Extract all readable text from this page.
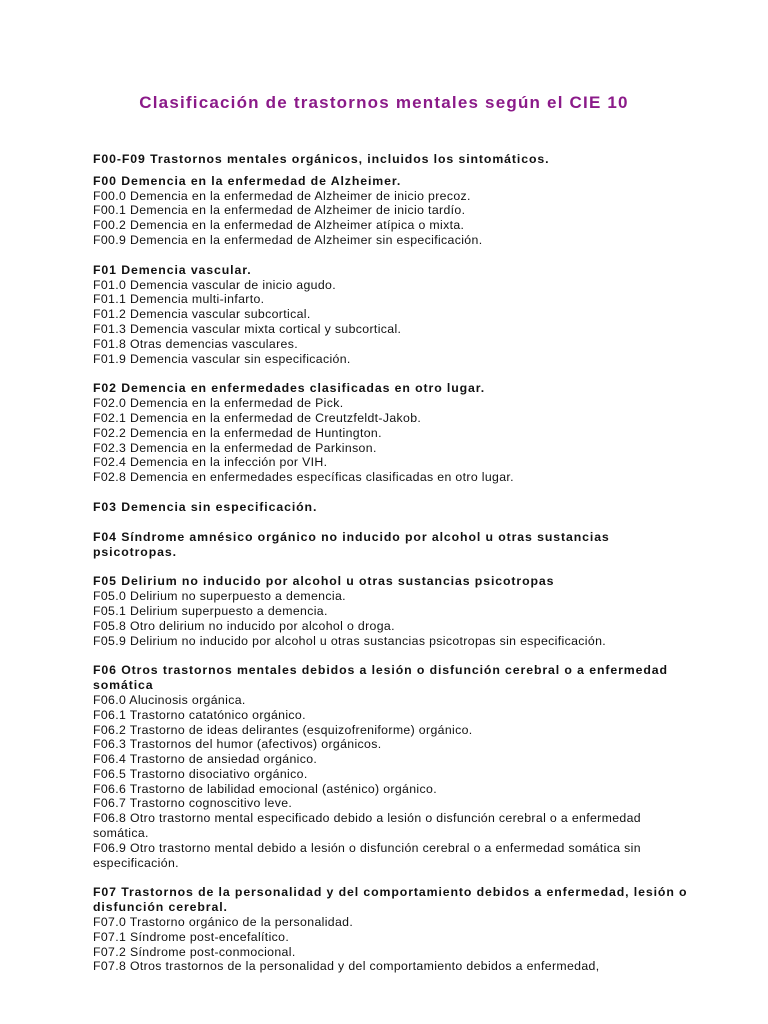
Clasificación de trastornos mentales según el CIE 10
F00-F09 Trastornos mentales orgánicos, incluidos los sintomáticos.
F00 Demencia en la enfermedad de Alzheimer.
F00.0 Demencia en la enfermedad de Alzheimer de inicio precoz.
F00.1 Demencia en la enfermedad de Alzheimer de inicio tardío.
F00.2 Demencia en la enfermedad de Alzheimer atípica o mixta.
F00.9 Demencia en la enfermedad de Alzheimer sin especificación.
F01 Demencia vascular.
F01.0 Demencia vascular de inicio agudo.
F01.1 Demencia multi-infarto.
F01.2 Demencia vascular subcortical.
F01.3 Demencia vascular mixta cortical y subcortical.
F01.8 Otras demencias vasculares.
F01.9 Demencia vascular sin especificación.
F02 Demencia en enfermedades clasificadas en otro lugar.
F02.0 Demencia en la enfermedad de Pick.
F02.1 Demencia en la enfermedad de Creutzfeldt-Jakob.
F02.2 Demencia en la enfermedad de Huntington.
F02.3 Demencia en la enfermedad de Parkinson.
F02.4 Demencia en la infección por VIH.
F02.8 Demencia en enfermedades específicas clasificadas en otro lugar.
F03 Demencia sin especificación.
F04 Síndrome amnésico orgánico no inducido por alcohol u otras sustancias psicotropas.
F05 Delirium no inducido por alcohol u otras sustancias psicotropas
F05.0 Delirium no superpuesto a demencia.
F05.1 Delirium superpuesto a demencia.
F05.8 Otro delirium no inducido por alcohol o droga.
F05.9 Delirium no inducido por alcohol u otras sustancias psicotropas sin especificación.
F06 Otros trastornos mentales debidos a lesión o disfunción cerebral o a enfermedad somática
F06.0 Alucinosis orgánica.
F06.1 Trastorno catatónico orgánico.
F06.2 Trastorno de ideas delirantes (esquizofreniforme) orgánico.
F06.3 Trastornos del humor (afectivos) orgánicos.
F06.4 Trastorno de ansiedad orgánico.
F06.5 Trastorno disociativo orgánico.
F06.6 Trastorno de labilidad emocional (asténico) orgánico.
F06.7 Trastorno cognoscitivo leve.
F06.8 Otro trastorno mental especificado debido a lesión o disfunción cerebral o a enfermedad somática.
F06.9 Otro trastorno mental debido a lesión o disfunción cerebral o a enfermedad somática sin especificación.
F07 Trastornos de la personalidad y del comportamiento debidos a enfermedad, lesión o disfunción cerebral.
F07.0 Trastorno orgánico de la personalidad.
F07.1 Síndrome post-encefalítico.
F07.2 Síndrome post-conmocional.
F07.8 Otros trastornos de la personalidad y del comportamiento debidos a enfermedad,
